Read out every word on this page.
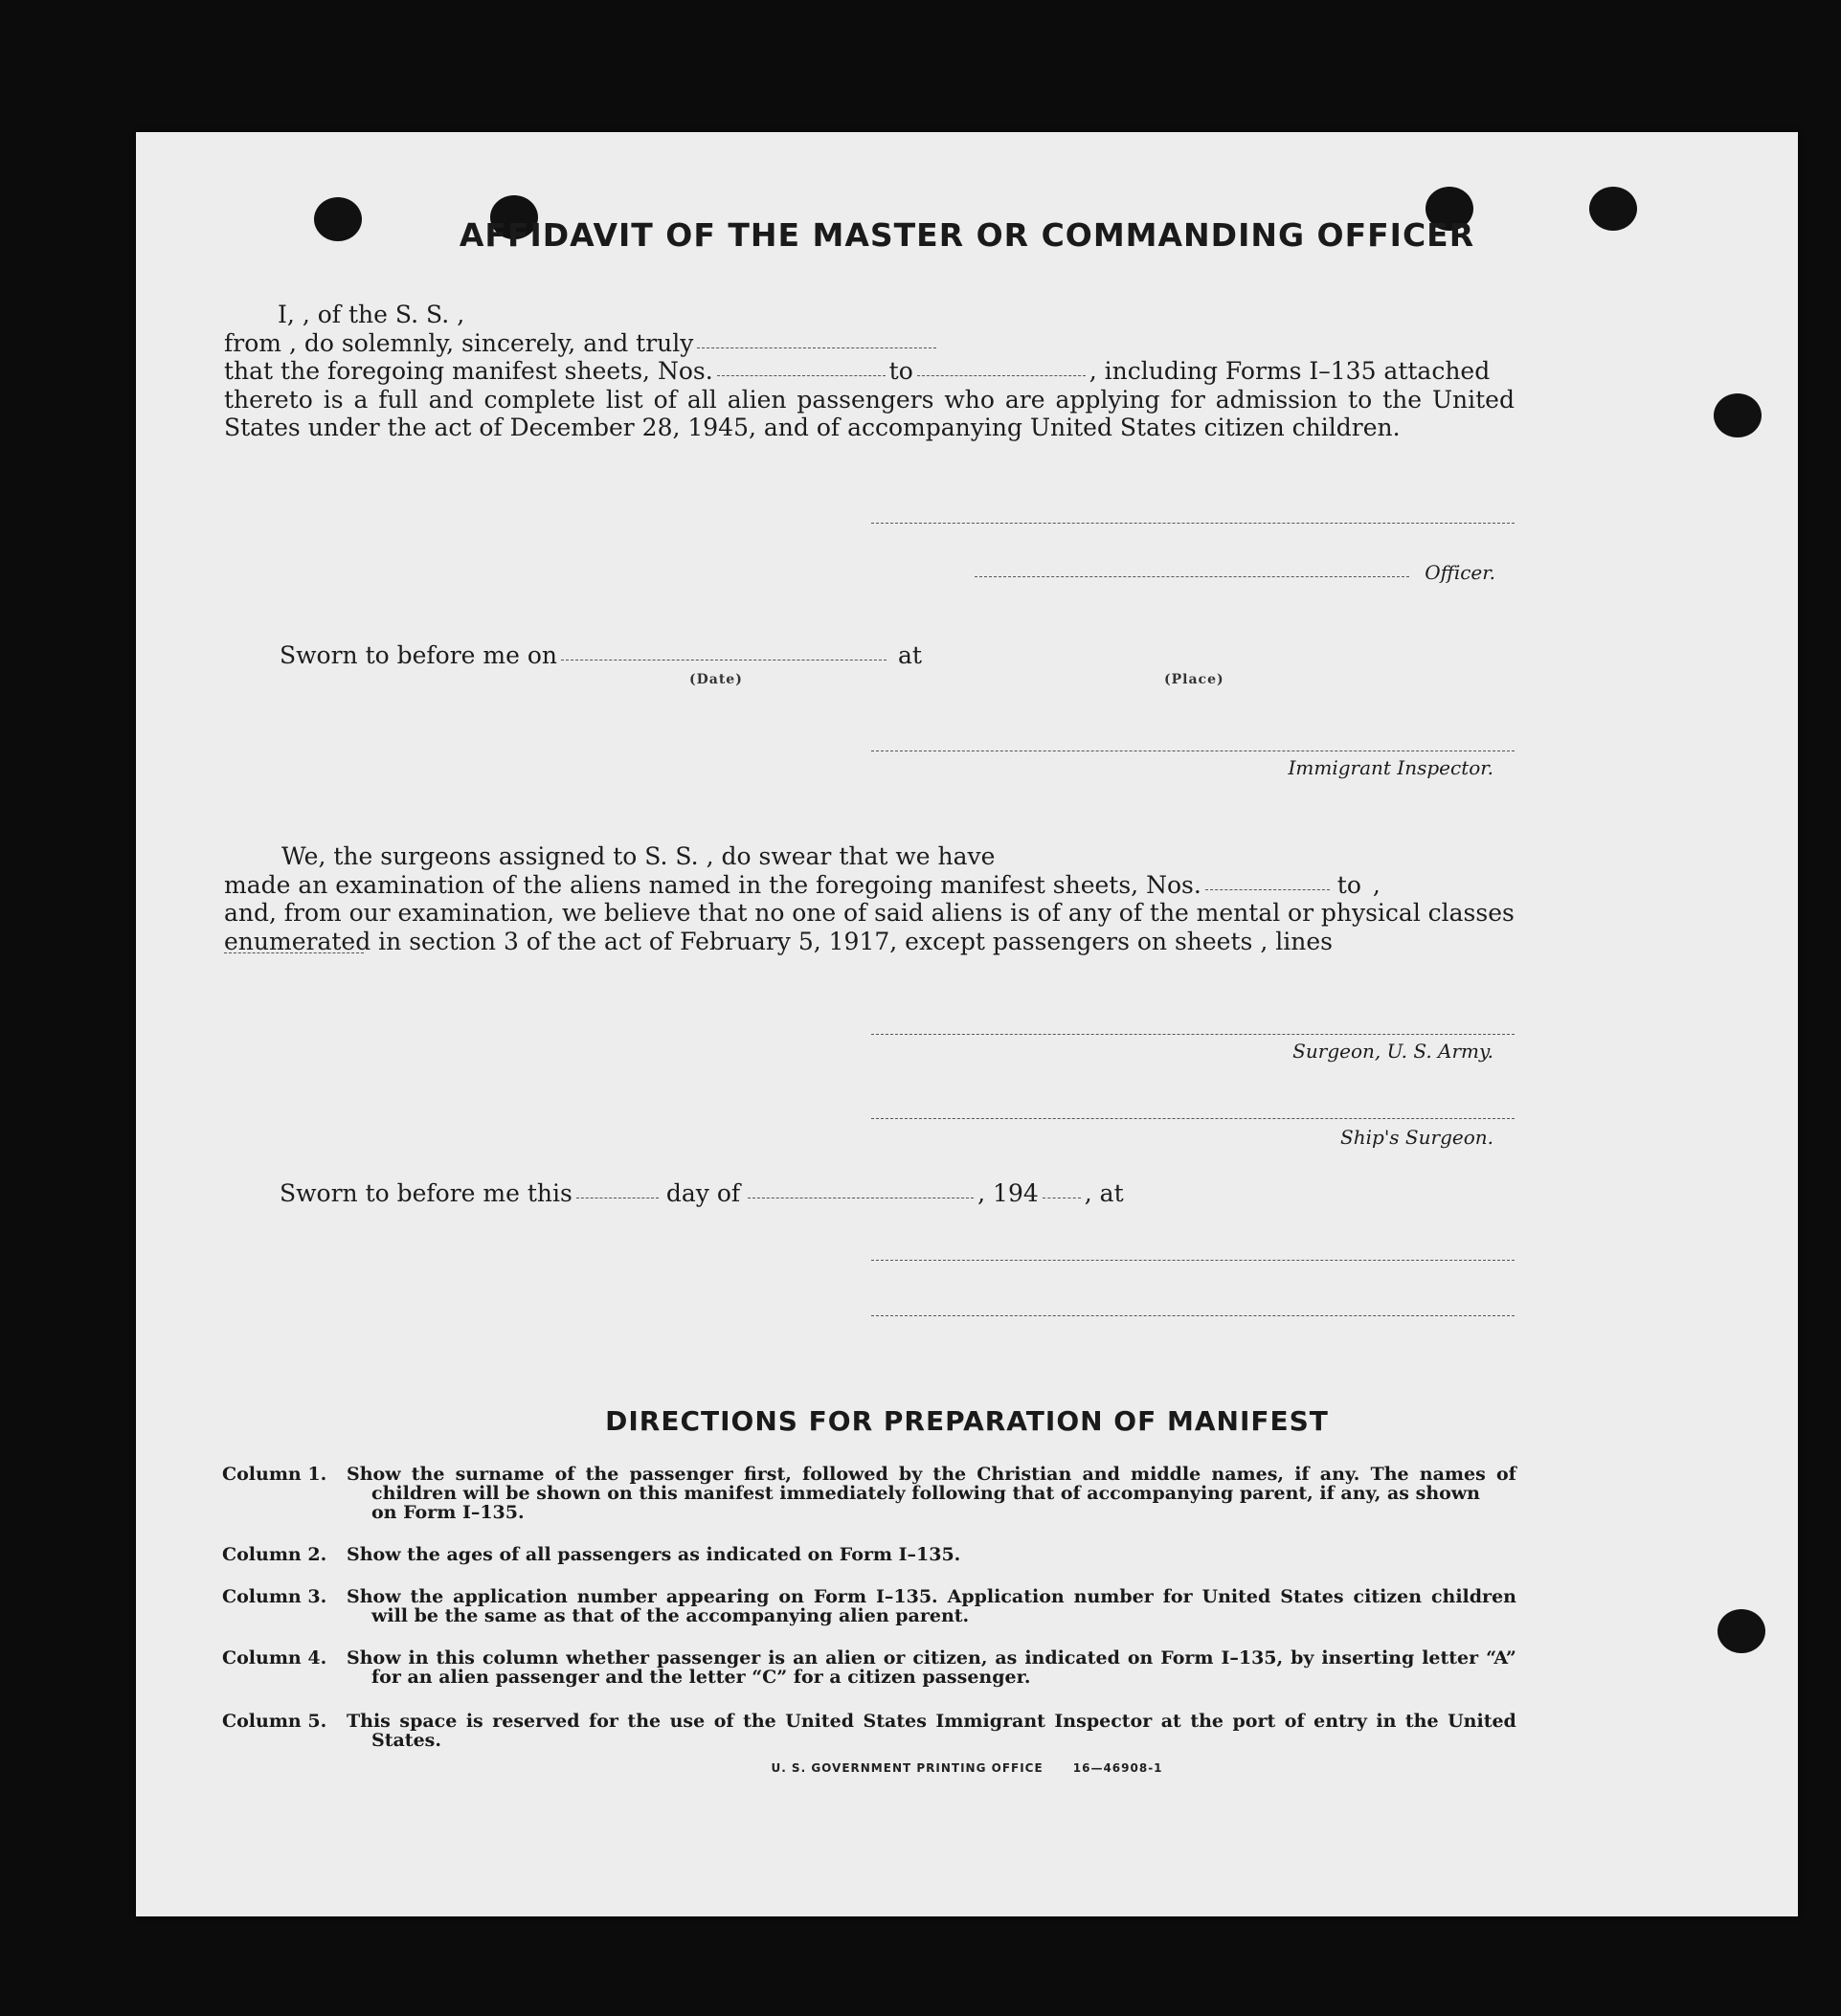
AFFIDAVIT OF THE MASTER OR COMMANDING OFFICER
I, , of the S. S. ,
from , do solemnly, sincerely, and truly
that the foregoing manifest sheets, Nos.	to	, including Forms I–135 attached
thereto is a full and complete list of all alien passengers who are applying for admission to the United
States under the act of December 28, 1945, and of accompanying United States citizen children.
Officer.
Sworn to before me on	at
(Date)	(Place)
Immigrant Inspector.
We, the surgeons assigned to S. S. , do swear that we have
made an examination of the aliens named in the foregoing manifest sheets, Nos.	to ,
and, from our examination, we believe that no one of said aliens is of any of the mental or physical classes
enumerated in section 3 of the act of February 5, 1917, except passengers on sheets , lines
Surgeon, U. S. Army.
Ship's Surgeon.
Sworn to before me this	day of	, 194 , at
DIRECTIONS FOR PREPARATION OF MANIFEST
Column 1.	Show the surname of the passenger first, followed by the Christian and middle names, if any. The names of
children will be shown on this manifest immediately following that of accompanying parent, if any, as shown
on Form I–135.
Column 2.	Show the ages of all passengers as indicated on Form I–135.
Column 3.	Show the application number appearing on Form I–135. Application number for United States citizen children
will be the same as that of the accompanying alien parent.
Column 4.	Show in this column whether passenger is an alien or citizen, as indicated on Form I–135, by inserting letter “A”
for an alien passenger and the letter “C” for a citizen passenger.
Column 5.	This space is reserved for the use of the United States Immigrant Inspector at the port of entry in the United
States.
U. S. GOVERNMENT PRINTING OFFICE      16—46908-1
